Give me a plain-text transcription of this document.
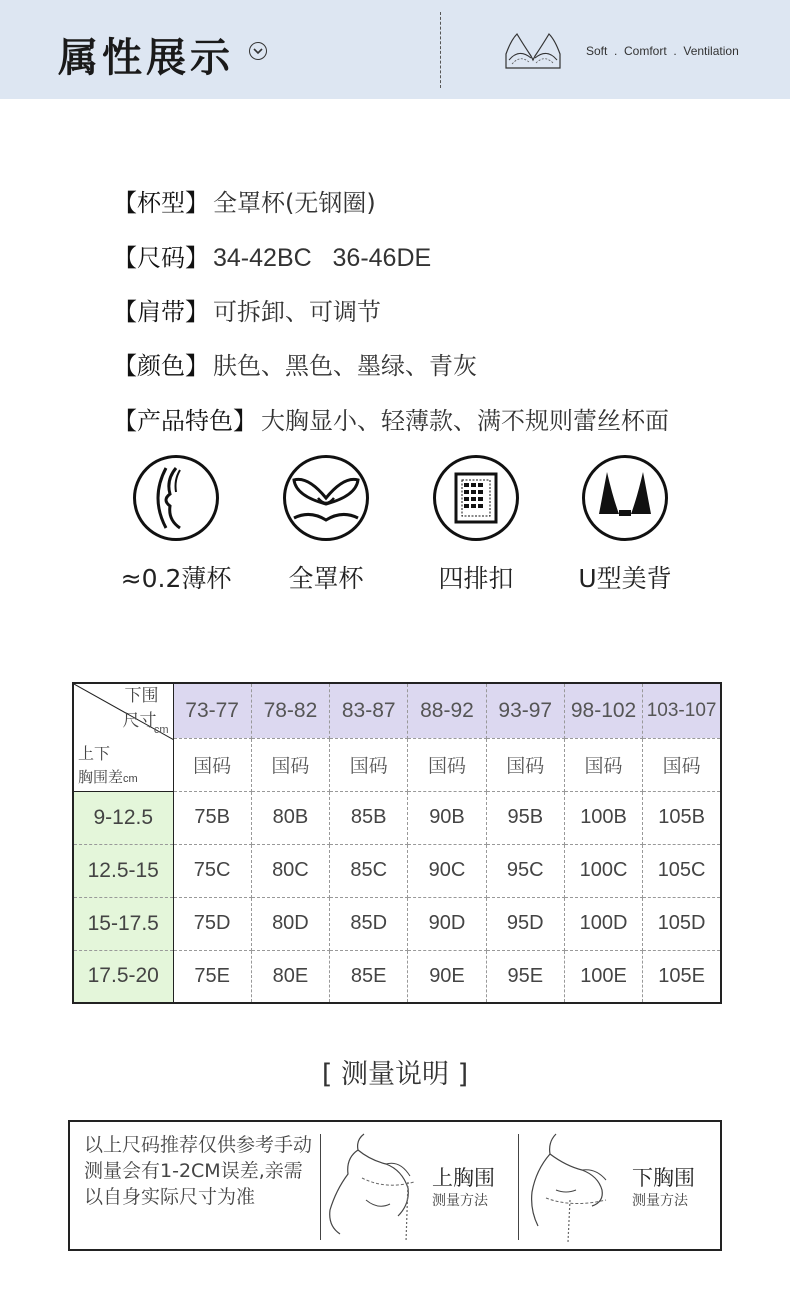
属性展示	Soft  .  Comfort  .  Ventilation
【杯型】 全罩杯(无钢圈)
【尺码】 34-42BC   36-46DE
【肩带】 可拆卸、可调节
【颜色】 肤色、黑色、墨绿、青灰
【产品特色】 大胸显小、轻薄款、满不规则蕾丝杯面
≈0.2薄杯	全罩杯	四排扣	U型美背
下围
尺寸
cm
上下
胸围差cm	73-77	78-82	83-87	88-92	93-97	98-102	103-107
	国码	国码	国码	国码	国码	国码	国码
9-12.5	75B	80B	85B	90B	95B	100B	105B
12.5-15	75C	80C	85C	90C	95C	100C	105C
15-17.5	75D	80D	85D	90D	95D	100D	105D
17.5-20	75E	80E	85E	90E	95E	100E	105E
[ 测量说明 ]
以上尺码推荐仅供参考手动测量会有1-2CM误差,亲需以自身实际尺寸为准
上胸围
测量方法
下胸围
测量方法
